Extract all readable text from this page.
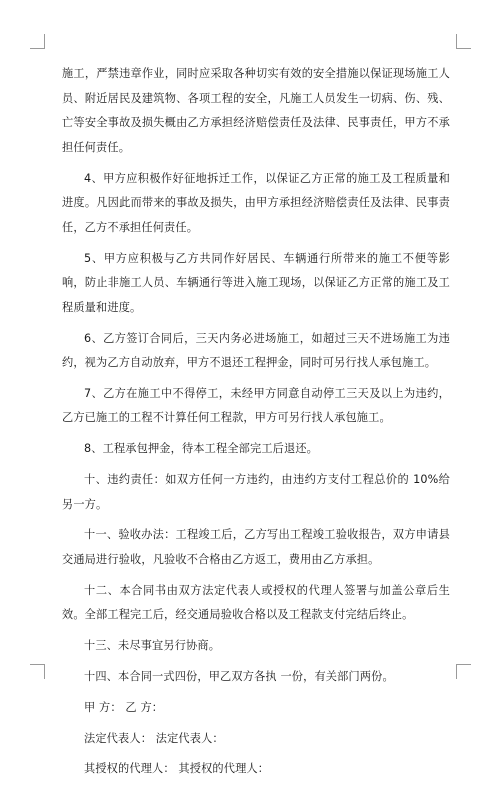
施工，严禁违章作业，同时应采取各种切实有效的安全措施以保证现场施工人员、附近居民及建筑物、各项工程的安全，凡施工人员发生一切病、伤、残、亡等安全事故及损失概由乙方承担经济赔偿责任及法律、民事责任，甲方不承担任何责任。

4、甲方应积极作好征地拆迁工作，以保证乙方正常的施工及工程质量和进度。凡因此而带来的事故及损失，由甲方承担经济赔偿责任及法律、民事责任，乙方不承担任何责任。

5、甲方应积极与乙方共同作好居民、车辆通行所带来的施工不便等影响，防止非施工人员、车辆通行等进入施工现场，以保证乙方正常的施工及工程质量和进度。

6、乙方签订合同后，三天内务必进场施工，如超过三天不进场施工为违约，视为乙方自动放弃，甲方不退还工程押金，同时可另行找人承包施工。

7、乙方在施工中不得停工，未经甲方同意自动停工三天及以上为违约，乙方已施工的工程不计算任何工程款，甲方可另行找人承包施工。

8、工程承包押金，待本工程全部完工后退还。

十、违约责任：如双方任何一方违约，由违约方支付工程总价的 10%给另一方。

十一、验收办法：工程竣工后，乙方写出工程竣工验收报告，双方申请县交通局进行验收，凡验收不合格由乙方返工，费用由乙方承担。

十二、本合同书由双方法定代表人或授权的代理人签署与加盖公章后生效。全部工程完工后，经交通局验收合格以及工程款支付完结后终止。

十三、未尽事宜另行协商。

十四、本合同一式四份，甲乙双方各执 一份，有关部门两份。

甲 方： 乙 方：

法定代表人： 法定代表人：

其授权的代理人： 其授权的代理人：
